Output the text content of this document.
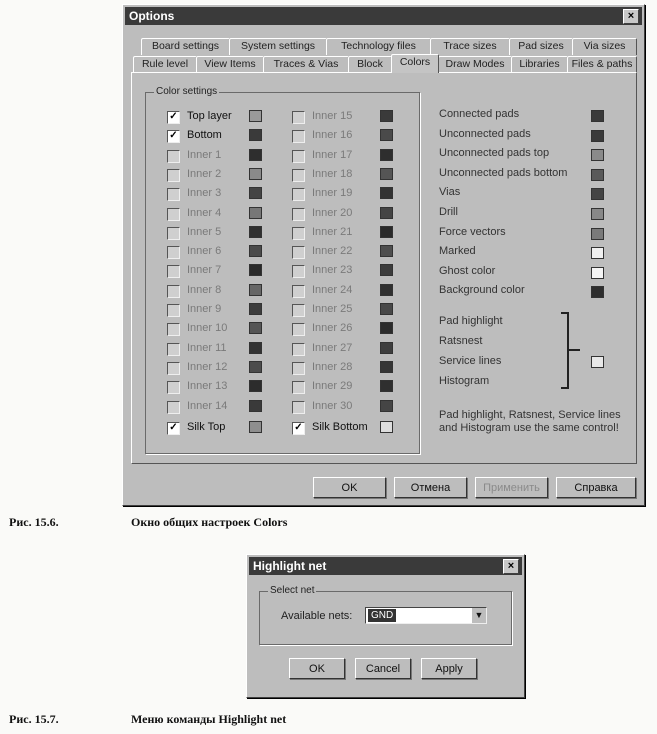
Options	×
Board settings	System settings	Technology files	Trace sizes	Pad sizes	Via sizes
Rule level	View Items	Traces & Vias	Block	Colors	Draw Modes	Libraries	Files & paths
Color settings
✓ Top layer
✓ Bottom
Inner 1
Inner 2
Inner 3
Inner 4
Inner 5
Inner 6
Inner 7
Inner 8
Inner 9
Inner 10
Inner 11
Inner 12
Inner 13
Inner 14
Inner 15
Inner 16
Inner 17
Inner 18
Inner 19
Inner 20
Inner 21
Inner 22
Inner 23
Inner 24
Inner 25
Inner 26
Inner 27
Inner 28
Inner 29
Inner 30
✓ Silk Top	✓ Silk Bottom
Connected pads
Unconnected pads
Unconnected pads top
Unconnected pads bottom
Vias
Drill
Force vectors
Marked
Ghost color
Background color
Pad highlight
Ratsnest
Service lines
Histogram
Pad highlight, Ratsnest, Service lines and Histogram use the same control!
OK	Отмена	Применить	Справка
Рис. 15.6.	Окно общих настроек Colors
Highlight net	×
Select net
Available nets:	GND	▼
OK	Cancel	Apply
Рис. 15.7.	Меню команды Highlight net
